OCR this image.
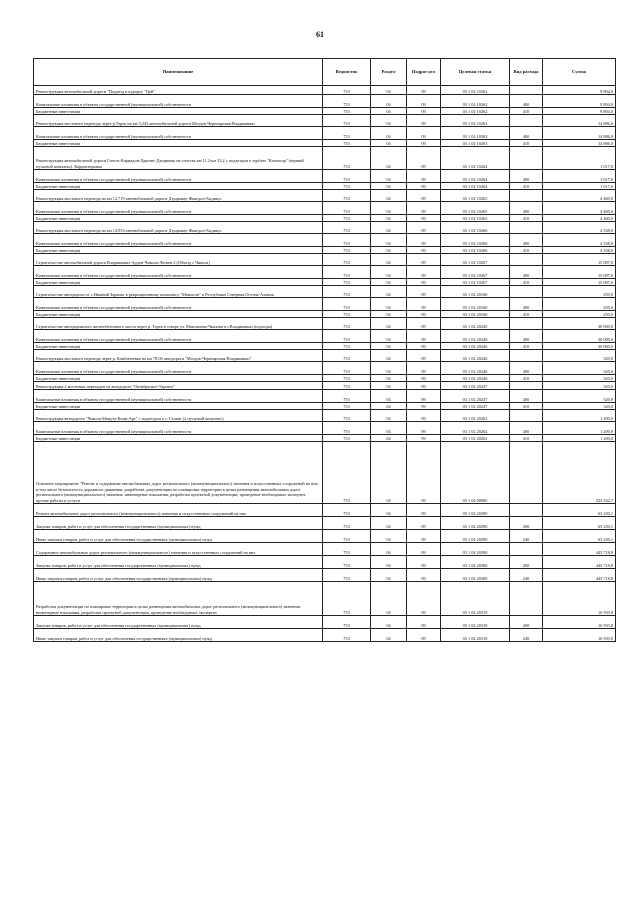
61
Наименование	Ведомство	Раздел	Подраз-дел	Целевая статья	Вид расхода	Сумма
Реконструкция автомобильной дороги "Подъезд к курорту "Цей"	753	04	09	03 1 02 10262		9 894,0
Капитальные вложения в объекты государственной (муниципальной) собственности	753	04	09	03 1 02 10262	400	9 894,0
Бюджетные инвестиции	753	04	09	03 1 02 10262	410	9 894,0
Реконструкция мостового перехода через р.Терек на км 3,243 автомобильной дороги Моздок-Черноярская-Владикавказ	753	04	09	03 1 02 10263		14 886,0
Капитальные вложения в объекты государственной (муниципальной) собственности	753	04	09	03 1 02 10263	400	14 886,0
Бюджетные инвестиции	753	04	09	03 1 02 10263	410	14 886,0
Реконструкция автомобильной дороги Гизель-Кармадон-Даргавс-Дзуарикау на участке км 11,2-км 33,2 с подъездом к турбазе "Кахтисар" (первый пусковой комплекс). Корректировка	753	04	09	03 1 02 10264		1 017,0
Капитальные вложения в объекты государственной (муниципальной) собственности	753	04	09	03 1 02 10264	400	1 017,0
Бюджетные инвестиции	753	04	09	03 1 02 10264	410	1 017,0
Реконструкция мостового перехода на км 12,719 автомобильной дороги Дзуарикау-Фиагдон-Хидикус	753	04	09	03 1 02 10265		4 460,0
Капитальные вложения в объекты государственной (муниципальной) собственности	753	04	09	03 1 02 10265	400	4 460,0
Бюджетные инвестиции	753	04	09	03 1 02 10265	410	4 460,0
Реконструкция мостового перехода на км 14,953 автомобильной дороги Дзуарикау-Фиагдон-Хидикус	753	04	09	03 1 02 10266		4 338,0
Капитальные вложения в объекты государственной (муниципальной) собственности	753	04	09	03 1 02 10266	400	4 338,0
Бюджетные инвестиции	753	04	09	03 1 02 10266	410	4 338,0
Строительство автомобильной дороги Владикавказ-Ардон-Чикола-Лескен 2 (Объезд с.Чикола)	753	04	09	03 1 02 10267		15 087,0
Капитальные вложения в объекты государственной (муниципальной) собственности	753	04	09	03 1 02 10267	400	15 087,0
Бюджетные инвестиции	753	04	09	03 1 02 10267	410	15 087,0
Строительство автодороги от с.Нижний Зарамаг к рекреационному комплексу "Мамисон" в Республике Северная Осетия-Алания	753	04	09	03 1 02 20160		250,0
Капитальные вложения в объекты государственной (муниципальной) собственности	753	04	09	03 1 02 20160	400	250,0
Бюджетные инвестиции	753	04	09	03 1 02 20160	410	250,0
Строительство автодорожного железобетонного моста через р. Терек в створе ул. Максимова-Чкалова в г.Владикавказ (подходы)	753	04	09	03 1 02 20240		30 000,0
Капитальные вложения в объекты государственной (муниципальной) собственности	753	04	09	03 1 02 20240	400	30 000,0
Бюджетные инвестиции	753	04	09	03 1 02 20240	410	30 000,0
Реконструкция мостового перехода через р. Камбилеевка на км 78.06 автодороги "Моздок-Черноярская-Владикавказ"	753	04	09	03 1 02 20246		320,0
Капитальные вложения в объекты государственной (муниципальной) собственности	753	04	09	03 1 02 20246	400	320,0
Бюджетные инвестиции	753	04	09	03 1 02 20246	410	320,0
Реконструкция 2 мостовых переходов на автодороге "Октябрьское-Тарское"	753	04	09	03 1 02 20247		320,0
Капитальные вложения в объекты государственной (муниципальной) собственности	753	04	09	03 1 02 20247	400	320,0
Бюджетные инвестиции	753	04	09	03 1 02 20247	410	320,0
Реконструкция автодороги "Чикола-Мацута-Коми-Арт" с подъездом к с. Галиат (2 пусковой комплекс)	753	04	09	03 1 02 20262		1 200,0
Капитальные вложения в объекты государственной (муниципальной) собственности	753	04	09	03 1 02 20262	400	1 200,0
Бюджетные инвестиции	753	04	09	03 1 02 20262	410	1 200,0
Основное мероприятие "Ремонт и содержание автомобильных дорог регионального (межмуниципального) значения и искусственных сооружений на них, в том числе безопасность дорожного движения, разработка документации по планировке территории в целях размещения автомобильных дорог регионального (межмуниципального) значения, инженерные изыскания, разработка проектной документации, проведение необходимых экспертиз, прочие работы и услуги	753	04	09	03 1 04 00000		523 542,7
Ремонт автомобильных дорог регионального (межмуниципального) значения и искусственных сооружений на них	753	04	09	03 1 04 20290		63 230,1
Закупка товаров, работ и услуг для обеспечения государственных (муниципальных) нужд	753	04	09	03 1 04 20290	200	63 230,1
Иные закупки товаров, работ и услуг для обеспечения государственных (муниципальных) нужд	753	04	09	03 1 04 20290	240	63 230,1
Содержание автомобильных дорог регионального (межмуниципального) значения и искусственных сооружений на них	753	04	09	03 1 04 20300		443 718,8
Закупка товаров, работ и услуг для обеспечения государственных (муниципальных) нужд	753	04	09	03 1 04 20300	200	443 718,8
Иные закупки товаров, работ и услуг для обеспечения государственных (муниципальных) нужд	753	04	09	03 1 04 20300	240	443 718,8
Разработка документации по планировке территории в целях размещения автомобильных дорог регионального (межмуниципального) значения, инженерные изыскания, разработка проектной документации, проведение необходимых экспертиз	753	04	09	03 1 04 20310		16 593,8
Закупка товаров, работ и услуг для обеспечения государственных (муниципальных) нужд	753	04	09	03 1 04 20310	200	16 593,8
Иные закупки товаров, работ и услуг для обеспечения государственных (муниципальных) нужд	753	04	09	03 1 04 20310	240	16 593,8
